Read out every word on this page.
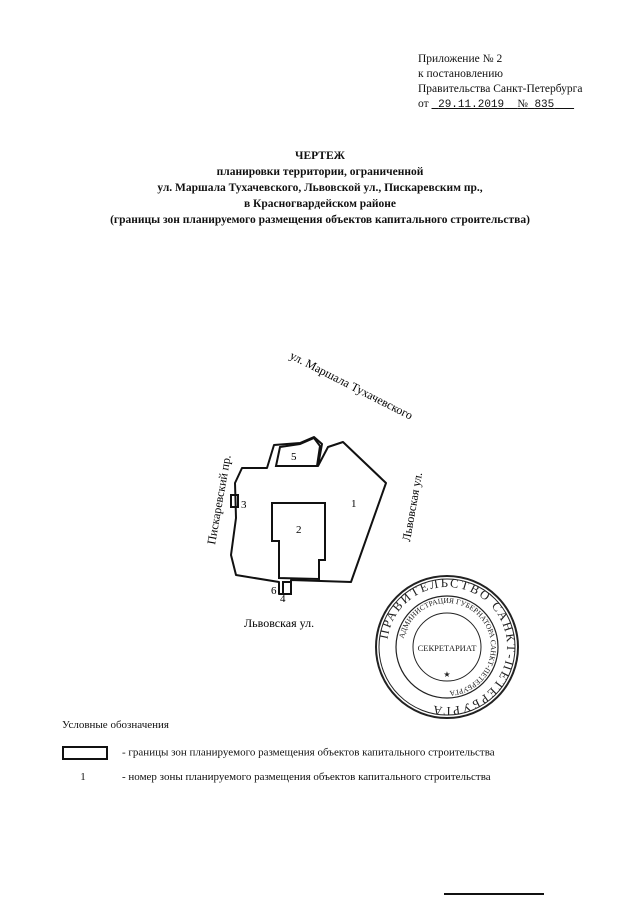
Приложение № 2
к постановлению
Правительства Санкт-Петербурга
от 29.11.2019 № 835
ЧЕРТЕЖ
планировки территории, ограниченной
ул. Маршала Тухачевского, Львовской ул., Пискаревским пр.,
в Красногвардейском районе
(границы зон планируемого размещения объектов капитального строительства)
ул. Маршала Тухачевского
Пискаревский пр.	Львовская ул.
Львовская ул.
1
2
3
4
5
6
ПРАВИТЕЛЬСТВО САНКТ-ПЕТЕРБУРГА
АДМИНИСТРАЦИЯ ГУБЕРНАТОРА САНКТ-ПЕТЕРБУРГА
СЕКРЕТАРИАТ
★
Условные обозначения
- границы зон планируемого размещения объектов капитального строительства
1	- номер зоны планируемого размещения объектов капитального строительства
